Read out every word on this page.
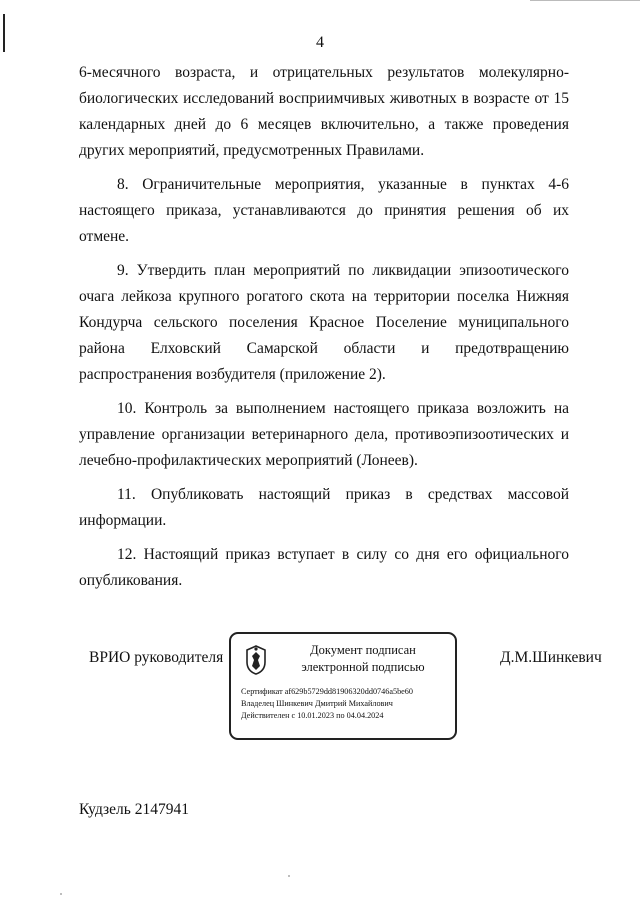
4

6-месячного возраста, и отрицательных результатов молекулярно-биологических исследований восприимчивых животных в возрасте от 15 календарных дней до 6 месяцев включительно, а также проведения других мероприятий, предусмотренных Правилами.

8. Ограничительные мероприятия, указанные в пунктах 4-6 настоящего приказа, устанавливаются до принятия решения об их отмене.

9. Утвердить план мероприятий по ликвидации эпизоотического очага лейкоза крупного рогатого скота на территории поселка Нижняя Кондурча сельского поселения Красное Поселение муниципального района Елховский Самарской области и предотвращению распространения возбудителя (приложение 2).

10. Контроль за выполнением настоящего приказа возложить на управление организации ветеринарного дела, противоэпизоотических и лечебно-профилактических мероприятий (Лонеев).

11. Опубликовать настоящий приказ в средствах массовой информации.

12. Настоящий приказ вступает в силу со дня его официального опубликования.

ВРИО руководителя	Документ подписан
электронной подписью
Сертификат af629b5729dd81906320dd0746a5be60
Владелец Шинкевич Дмитрий Михайлович
Действителен с 10.01.2023 по 04.04.2024
Д.М.Шинкевич
Кудзель 2147941
